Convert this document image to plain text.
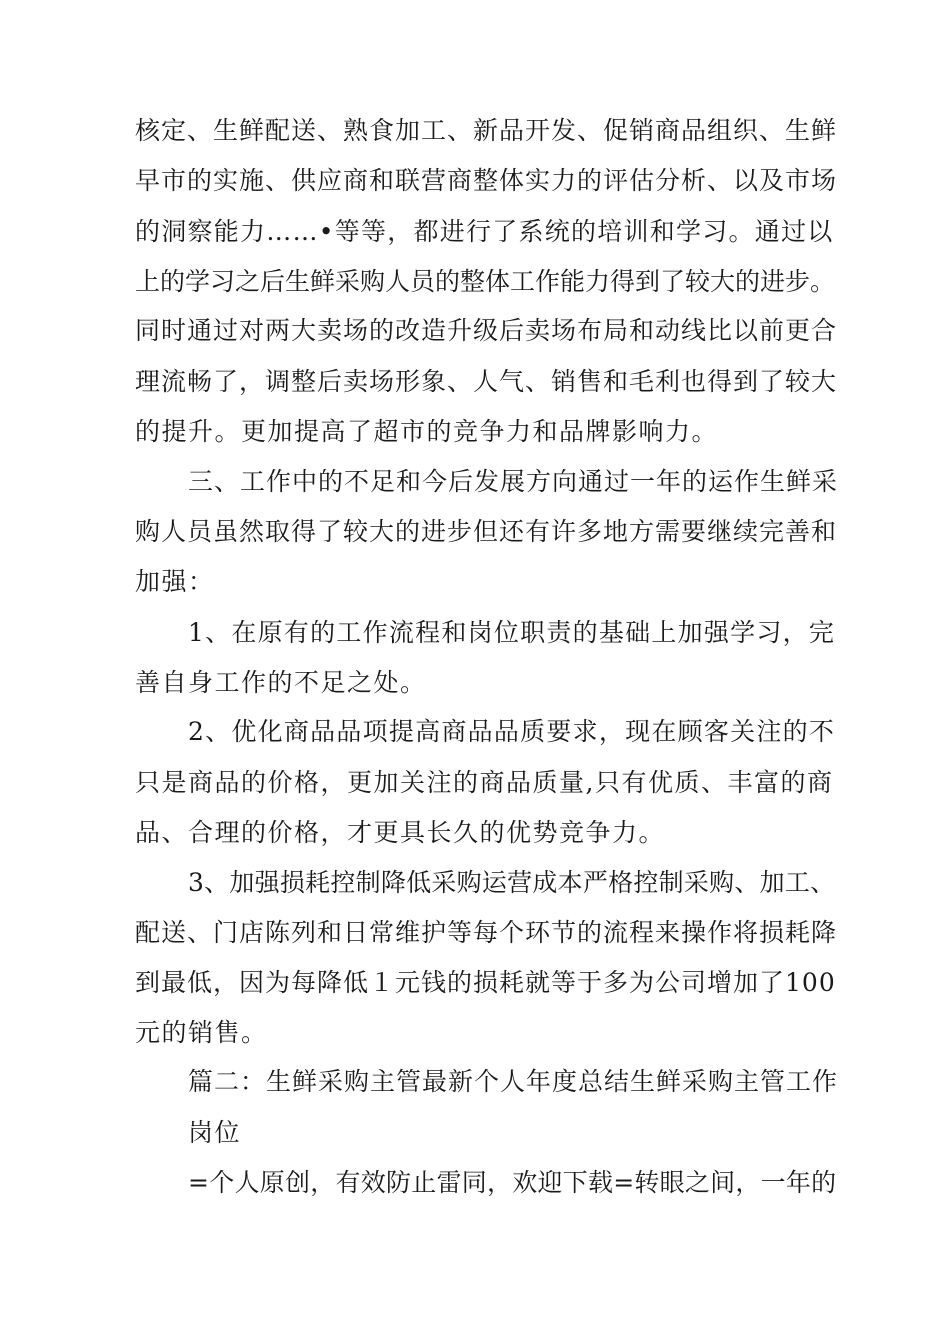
核定、生鲜配送、熟食加工、新品开发、促销商品组织、生鲜
早市的实施、供应商和联营商整体实力的评估分析、以及市场
的洞察能力……•等等，都进行了系统的培训和学习。通过以
上的学习之后生鲜采购人员的整体工作能力得到了较大的进步。
同时通过对两大卖场的改造升级后卖场布局和动线比以前更合
理流畅了，调整后卖场形象、人气、销售和毛利也得到了较大
的提升。更加提高了超市的竞争力和品牌影响力。
三、工作中的不足和今后发展方向通过一年的运作生鲜采
购人员虽然取得了较大的进步但还有许多地方需要继续完善和
加强：
1、在原有的工作流程和岗位职责的基础上加强学习，完
善自身工作的不足之处。
2、优化商品品项提高商品品质要求，现在顾客关注的不
只是商品的价格，更加关注的商品质量,只有优质、丰富的商
品、合理的价格，才更具长久的优势竞争力。
3、加强损耗控制降低采购运营成本严格控制采购、加工、
配送、门店陈列和日常维护等每个环节的流程来操作将损耗降
到最低，因为每降低１元钱的损耗就等于多为公司增加了100
元的销售。
篇二：生鲜采购主管最新个人年度总结生鲜采购主管工作
岗位
=个人原创，有效防止雷同，欢迎下载=转眼之间，一年的
